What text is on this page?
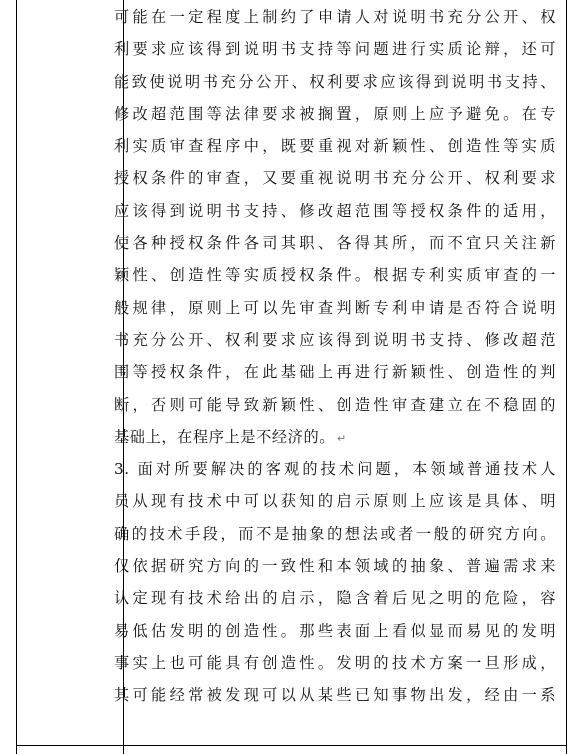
可能在一定程度上制约了申请人对说明书充分公开、权
利要求应该得到说明书支持等问题进行实质论辩，还可
能致使说明书充分公开、权利要求应该得到说明书支持、
修改超范围等法律要求被搁置，原则上应予避免。在专
利实质审查程序中，既要重视对新颖性、创造性等实质
授权条件的审查，又要重视说明书充分公开、权利要求
应该得到说明书支持、修改超范围等授权条件的适用，
使各种授权条件各司其职、各得其所，而不宜只关注新
颖性、创造性等实质授权条件。根据专利实质审查的一
般规律，原则上可以先审查判断专利申请是否符合说明
书充分公开、权利要求应该得到说明书支持、修改超范
围等授权条件，在此基础上再进行新颖性、创造性的判
断，否则可能导致新颖性、创造性审查建立在不稳固的
基础上，在程序上是不经济的。 ↵
3. 面对所要解决的客观的技术问题，本领域普通技术人
员从现有技术中可以获知的启示原则上应该是具体、明
确的技术手段，而不是抽象的想法或者一般的研究方向。
仅依据研究方向的一致性和本领域的抽象、普遍需求来
认定现有技术给出的启示，隐含着后见之明的危险，容
易低估发明的创造性。那些表面上看似显而易见的发明
事实上也可能具有创造性。发明的技术方案一旦形成，
其可能经常被发现可以从某些已知事物出发，经由一系
